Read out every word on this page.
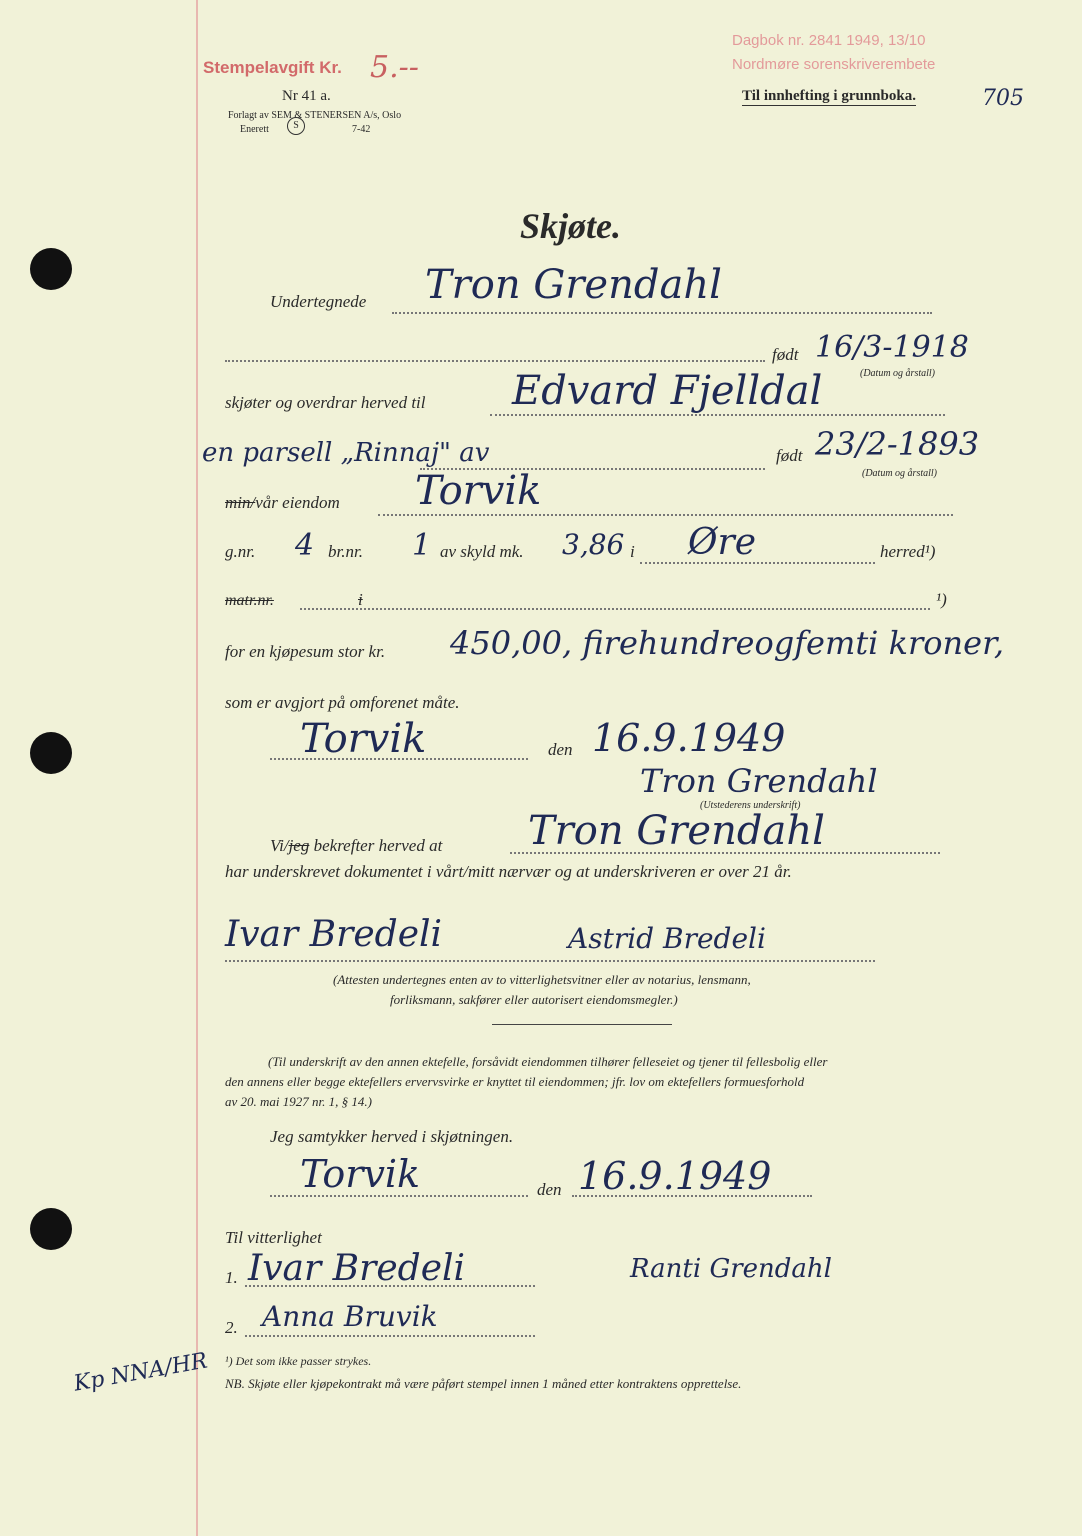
Stempelavgift Kr. 5.--
Nr 41 a.
Forlagt av SEM & STENERSEN A/s, Oslo
Enerett	7-42
S
Dagbok nr. 2841 1949, 13/10
Nordmøre sorenskriverembete
Til innhefting i grunnboka.	705
Skjøte.
Undertegnede Tron Grendahl
født 16/3-1918
(Datum og årstall)
skjøter og overdrar herved til Edvard Fjelldal
en parsell „Rinnaj" av	født 23/2-1893
(Datum og årstall)
min/vår eiendom Torvik
g.nr. 4 br.nr. 1 av skyld mk. 3,86 i Øre	herred¹)
matr.nr.	i	¹)
for en kjøpesum stor kr. 450,00, firehundreogfemti kroner,
som er avgjort på omforenet måte.
Torvik	den 16.9.1949
Tron Grendahl
(Utstederens underskrift)
Vi/jeg bekrefter herved at Tron Grendahl
har underskrevet dokumentet i vårt/mitt nærvær og at underskriveren er over 21 år.
Ivar Bredeli	Astrid Bredeli
(Attesten undertegnes enten av to vitterlighetsvitner eller av notarius, lensmann,
forliksmann, sakfører eller autorisert eiendomsmegler.)
(Til underskrift av den annen ektefelle, forsåvidt eiendommen tilhører felleseiet og tjener til fellesbolig eller
den annens eller begge ektefellers ervervsvirke er knyttet til eiendommen; jfr. lov om ektefellers formuesforhold
av 20. mai 1927 nr. 1, § 14.)
Jeg samtykker herved i skjøtningen.
Torvik	den 16.9.1949
Til vitterlighet
1. Ivar Bredeli	Ranti Grendahl
2. Anna Bruvik
¹) Det som ikke passer strykes.
NB. Skjøte eller kjøpekontrakt må være påført stempel innen 1 måned etter kontraktens opprettelse.
Kp NNA/HR
